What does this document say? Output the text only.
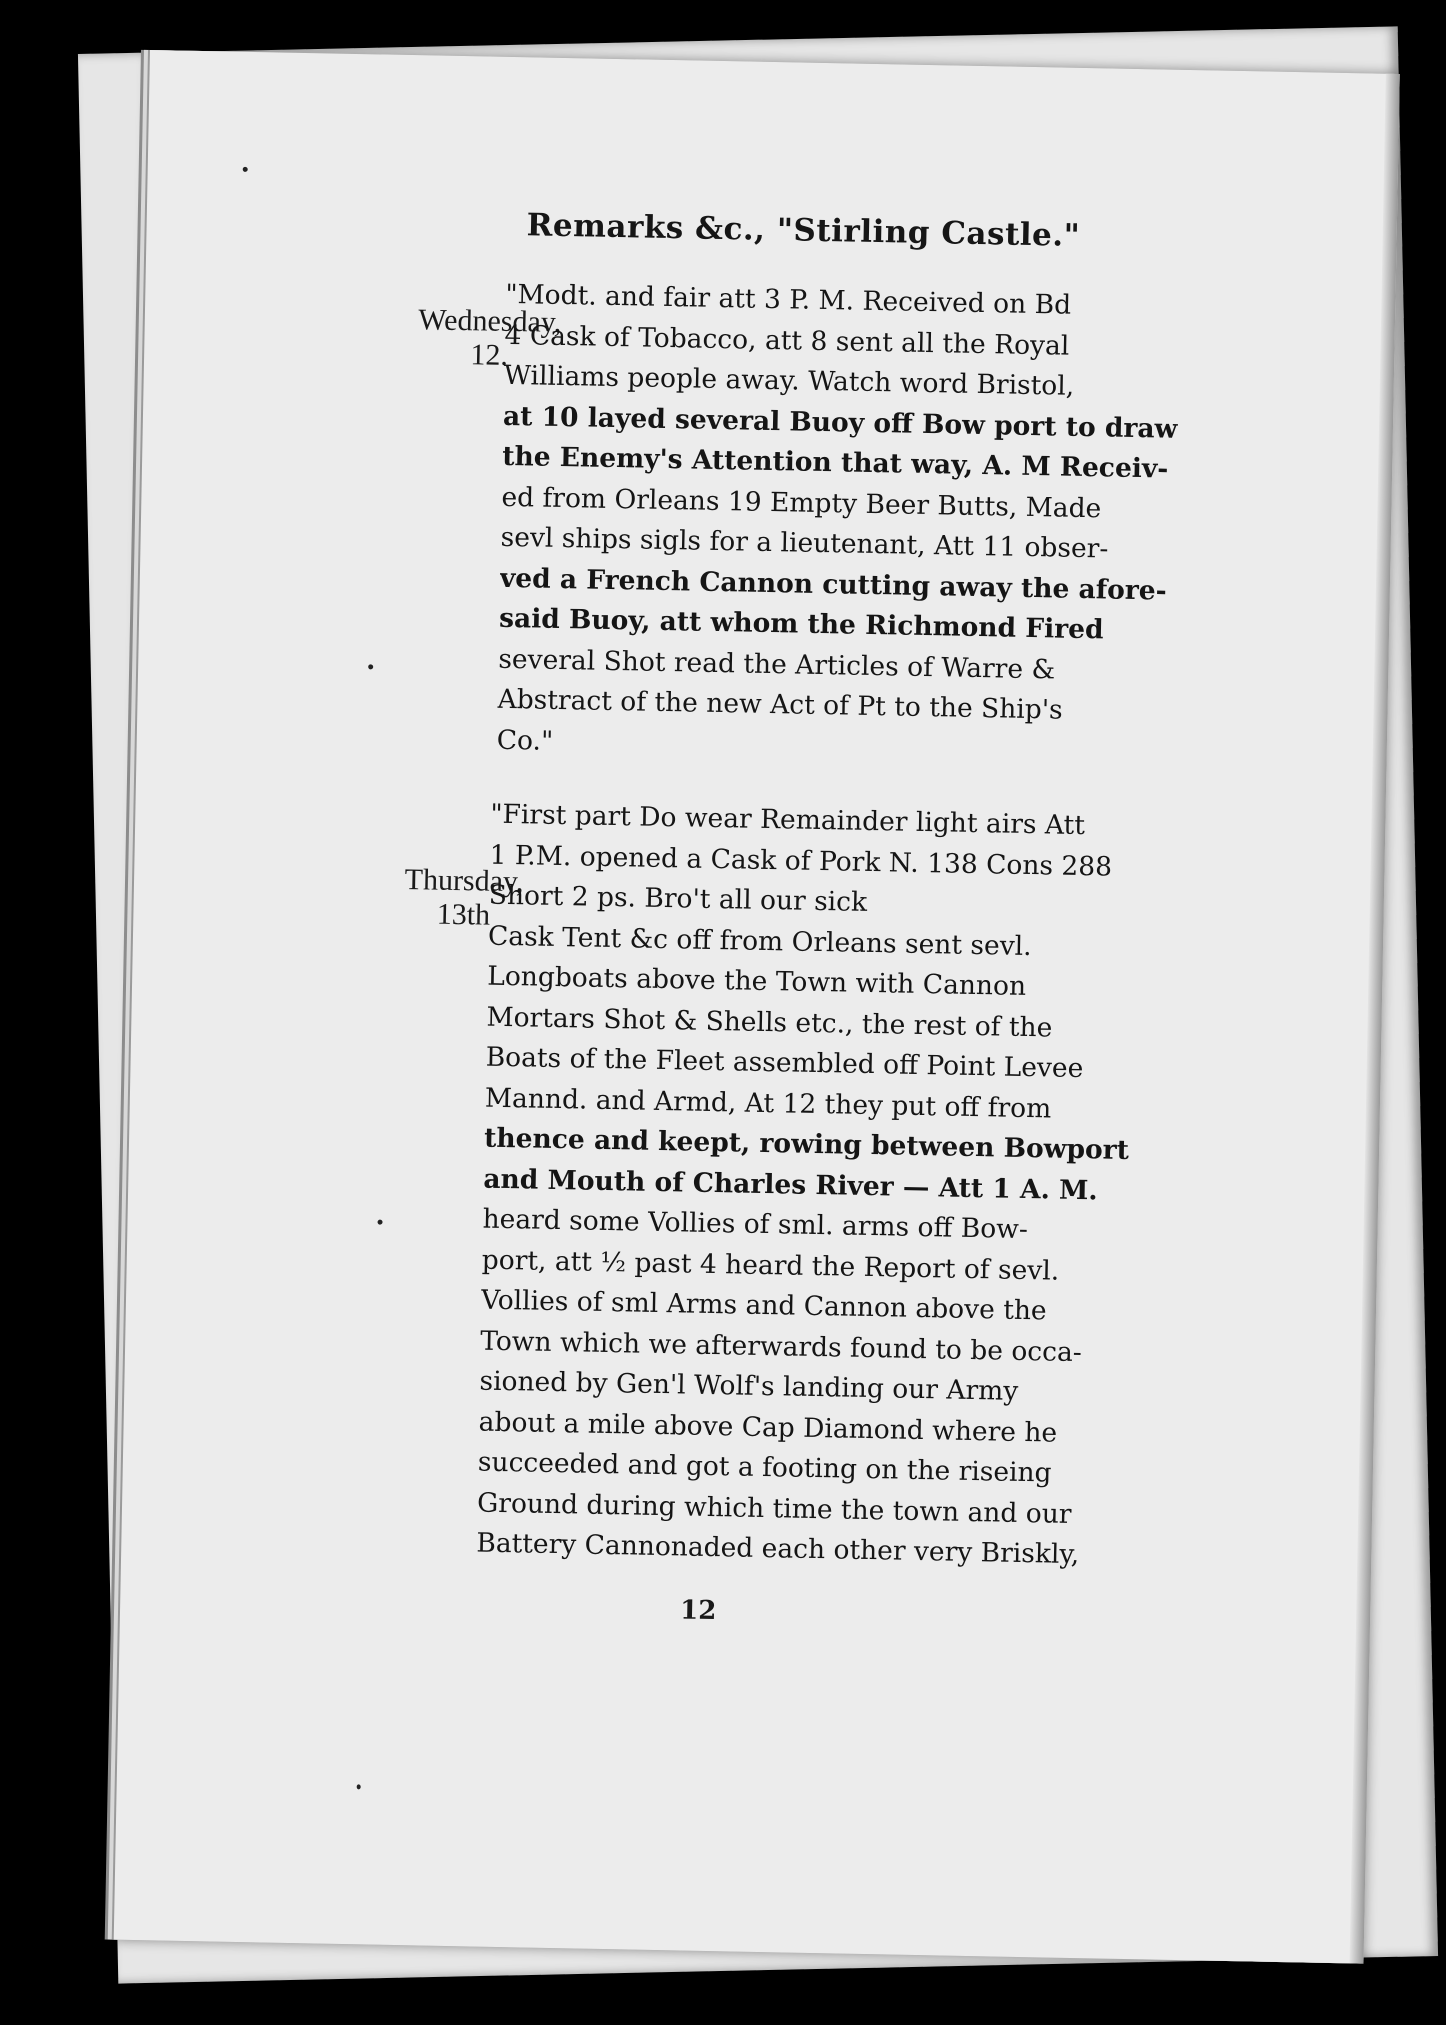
Remarks &c., "Stirling Castle."
Wednesday,
12.
"Modt. and fair att 3 P. M. Received on Bd
4 Cask of Tobacco, att 8 sent all the Royal
Williams people away. Watch word Bristol,
at 10 layed several Buoy off Bow port to draw
the Enemy's Attention that way, A. M Receiv-
ed from Orleans 19 Empty Beer Butts, Made
sevl ships sigls for a lieutenant, Att 11 obser-
ved a French Cannon cutting away the afore-
said Buoy, att whom the Richmond Fired
several Shot read the Articles of Warre &
Abstract of the new Act of Pt to the Ship's
Co."
Thursday,
13th
"First part Do wear Remainder light airs Att
1 P.M. opened a Cask of Pork N. 138 Cons 288
Short 2 ps. Bro't all our sick
Cask Tent &c off from Orleans sent sevl.
Longboats above the Town with Cannon
Mortars Shot & Shells etc., the rest of the
Boats of the Fleet assembled off Point Levee
Mannd. and Armd, At 12 they put off from
thence and keept, rowing between Bowport
and Mouth of Charles River — Att 1 A. M.
heard some Vollies of sml. arms off Bow-
port, att ½ past 4 heard the Report of sevl.
Vollies of sml Arms and Cannon above the
Town which we afterwards found to be occa-
sioned by Gen'l Wolf's landing our Army
about a mile above Cap Diamond where he
succeeded and got a footing on the riseing
Ground during which time the town and our
Battery Cannonaded each other very Briskly,
12
